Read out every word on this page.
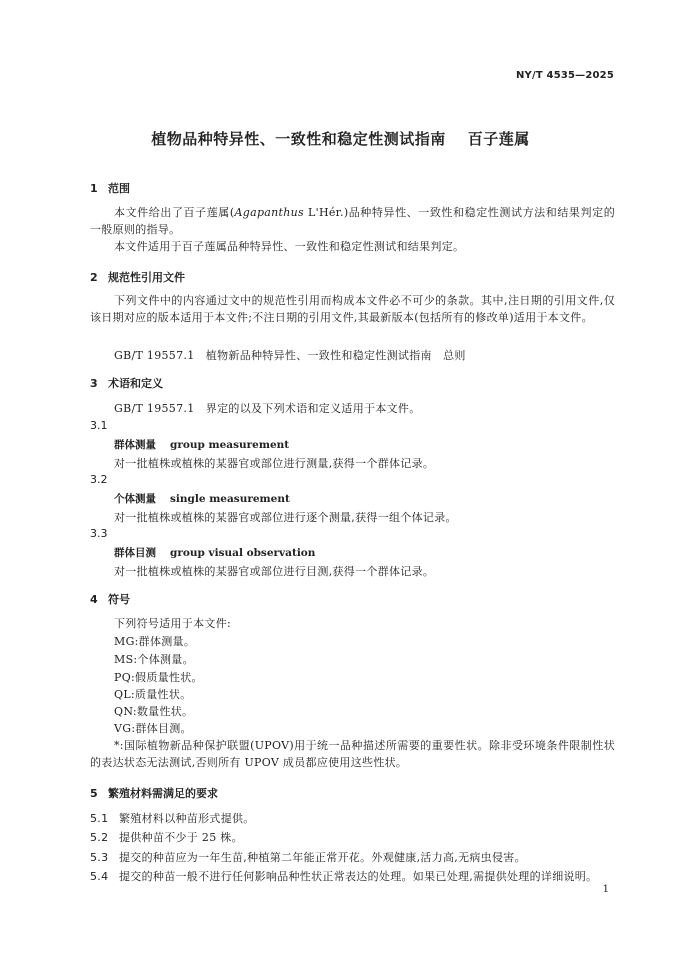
NY/T 4535—2025
植物品种特异性、一致性和稳定性测试指南 百子莲属
1 范围
本文件给出了百子莲属(Agapanthus L'Hér.)品种特异性、一致性和稳定性测试方法和结果判定的一般原则的指导。
本文件适用于百子莲属品种特异性、一致性和稳定性测试和结果判定。
2 规范性引用文件
下列文件中的内容通过文中的规范性引用而构成本文件必不可少的条款。其中,注日期的引用文件,仅该日期对应的版本适用于本文件;不注日期的引用文件,其最新版本(包括所有的修改单)适用于本文件。
GB/T 19557.1　植物新品种特异性、一致性和稳定性测试指南　总则
3 术语和定义
GB/T 19557.1　界定的以及下列术语和定义适用于本文件。
3.1
群体测量 group measurement
对一批植株或植株的某器官或部位进行测量,获得一个群体记录。
3.2
个体测量 single measurement
对一批植株或植株的某器官或部位进行逐个测量,获得一组个体记录。
3.3
群体目测 group visual observation
对一批植株或植株的某器官或部位进行目测,获得一个群体记录。
4 符号
下列符号适用于本文件:
MG:群体测量。
MS:个体测量。
PQ:假质量性状。
QL:质量性状。
QN:数量性状。
VG:群体目测。
*:国际植物新品种保护联盟(UPOV)用于统一品种描述所需要的重要性状。除非受环境条件限制性状的表达状态无法测试,否则所有 UPOV 成员都应使用这些性状。
5 繁殖材料需满足的要求
5.1 繁殖材料以种苗形式提供。
5.2 提供种苗不少于 25 株。
5.3 提交的种苗应为一年生苗,种植第二年能正常开花。外观健康,活力高,无病虫侵害。
5.4 提交的种苗一般不进行任何影响品种性状正常表达的处理。如果已处理,需提供处理的详细说明。
1
